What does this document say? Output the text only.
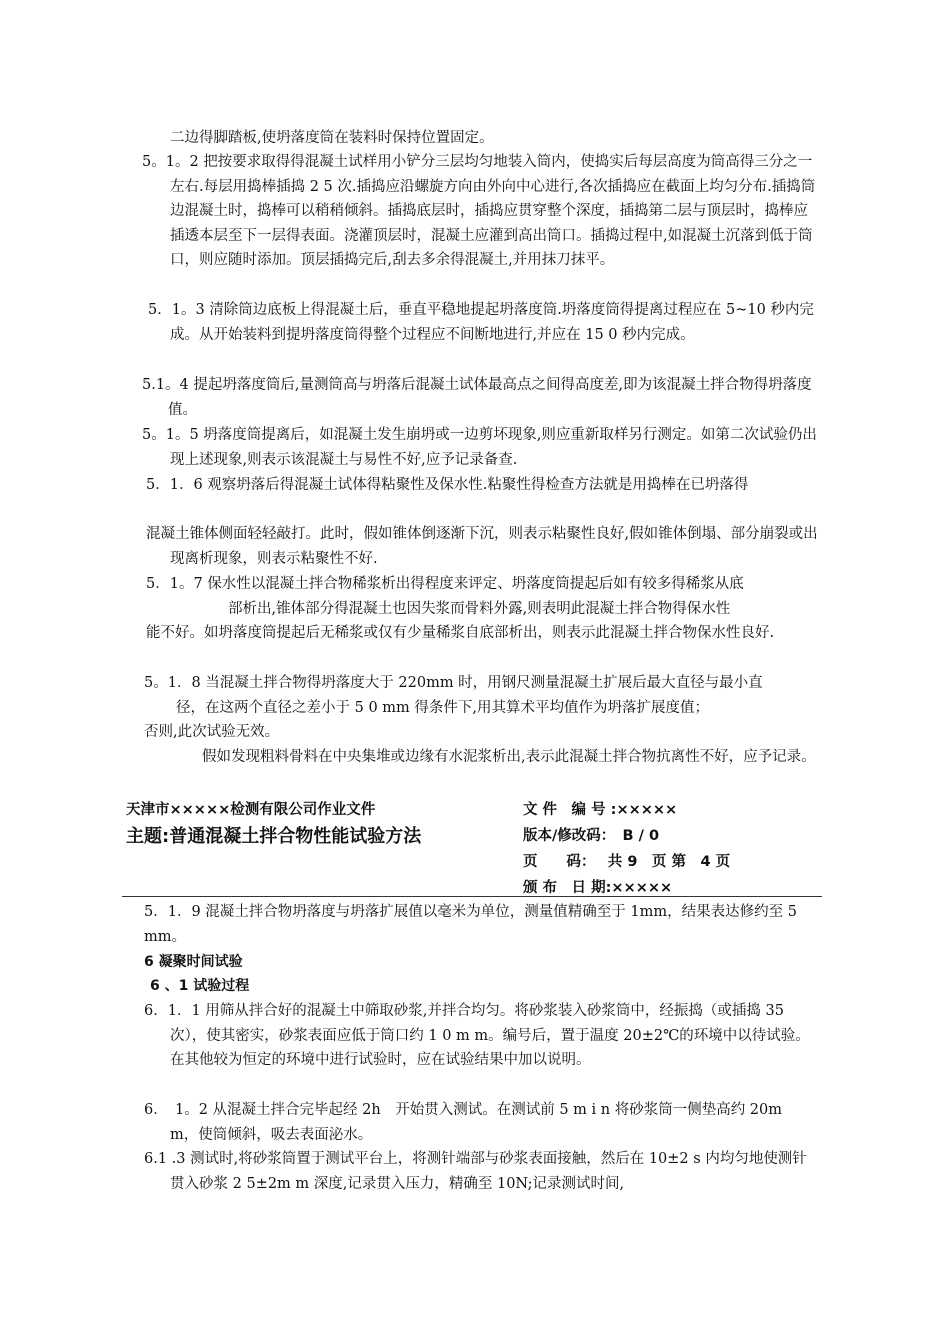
二边得脚踏板,使坍落度筒在装料时保持位置固定。

5。1。2 把按要求取得得混凝土试样用小铲分三层均匀地装入筒内，使捣实后每层高度为筒高得三分之一左右.每层用捣棒插捣 2 5 次.插捣应沿螺旋方向由外向中心进行,各次插捣应在截面上均匀分布.插捣筒边混凝土时，捣棒可以稍稍倾斜。插捣底层时，插捣应贯穿整个深度，插捣第二层与顶层时，捣棒应插透本层至下一层得表面。浇灌顶层时，混凝土应灌到高出筒口。插捣过程中,如混凝土沉落到低于筒口，则应随时添加。顶层插捣完后,刮去多余得混凝土,并用抹刀抹平。

5．1。3 清除筒边底板上得混凝土后，垂直平稳地提起坍落度筒.坍落度筒得提离过程应在 5~10 秒内完成。从开始装料到提坍落度筒得整个过程应不间断地进行,并应在 15 0 秒内完成。

5.1。4 提起坍落度筒后,量测筒高与坍落后混凝土试体最高点之间得高度差,即为该混凝土拌合物得坍落度值。

5。1。5 坍落度筒提离后，如混凝土发生崩坍或一边剪坏现象,则应重新取样另行测定。如第二次试验仍出现上述现象,则表示该混凝土与易性不好,应予记录备查.

5．1．6 观察坍落后得混凝土试体得粘聚性及保水性.粘聚性得检查方法就是用捣棒在已坍落得

混凝土锥体侧面轻轻敲打。此时，假如锥体倒逐渐下沉，则表示粘聚性良好,假如锥体倒塌、部分崩裂或出现离析现象，则表示粘聚性不好.

5．1。7 保水性以混凝土拌合物稀浆析出得程度来评定、坍落度筒提起后如有较多得稀浆从底

部析出,锥体部分得混凝土也因失浆而骨料外露,则表明此混凝土拌合物得保水性

能不好。如坍落度筒提起后无稀浆或仅有少量稀浆自底部析出，则表示此混凝土拌合物保水性良好.

5。1．8 当混凝土拌合物得坍落度大于 220mm 时，用钢尺测量混凝土扩展后最大直径与最小直

径，在这两个直径之差小于 5 0 mm 得条件下,用其算术平均值作为坍落扩展度值；

否则,此次试验无效。

假如发现粗料骨料在中央集堆或边缘有水泥浆析出,表示此混凝土拌合物抗离性不好，应予记录。

天津市×××××检测有限公司作业文件

主题:普通混凝土拌合物性能试验方法

文 件　编 号 :×××××

版本/修改码：　B / 0

页　　码：　 共 9　页 第　4 页

颁 布　日 期:×××××

5．1．9 混凝土拌合物坍落度与坍落扩展值以毫米为单位，测量值精确至于 1mm，结果表达修约至 5　mm。

6 凝聚时间试验

6 、1 试验过程

6．1．1 用筛从拌合好的混凝土中筛取砂浆,并拌合均匀。将砂浆装入砂浆筒中，经振捣（或插捣 35 次），使其密实，砂浆表面应低于筒口约 1 0 m m。编号后，置于温度 20±2℃的环境中以待试验。在其他较为恒定的环境中进行试验时，应在试验结果中加以说明。

6．　1。2 从混凝土拌合完毕起经 2h　开始贯入测试。在测试前 5 m i n 将砂浆筒一侧垫高约 20mm，使筒倾斜，吸去表面泌水。

6.1 .3 测试时,将砂浆筒置于测试平台上，将测针端部与砂浆表面接触，然后在 10±2 s 内均匀地使测针贯入砂浆 2 5±2m m 深度,记录贯入压力，精确至 10N;记录测试时间,
